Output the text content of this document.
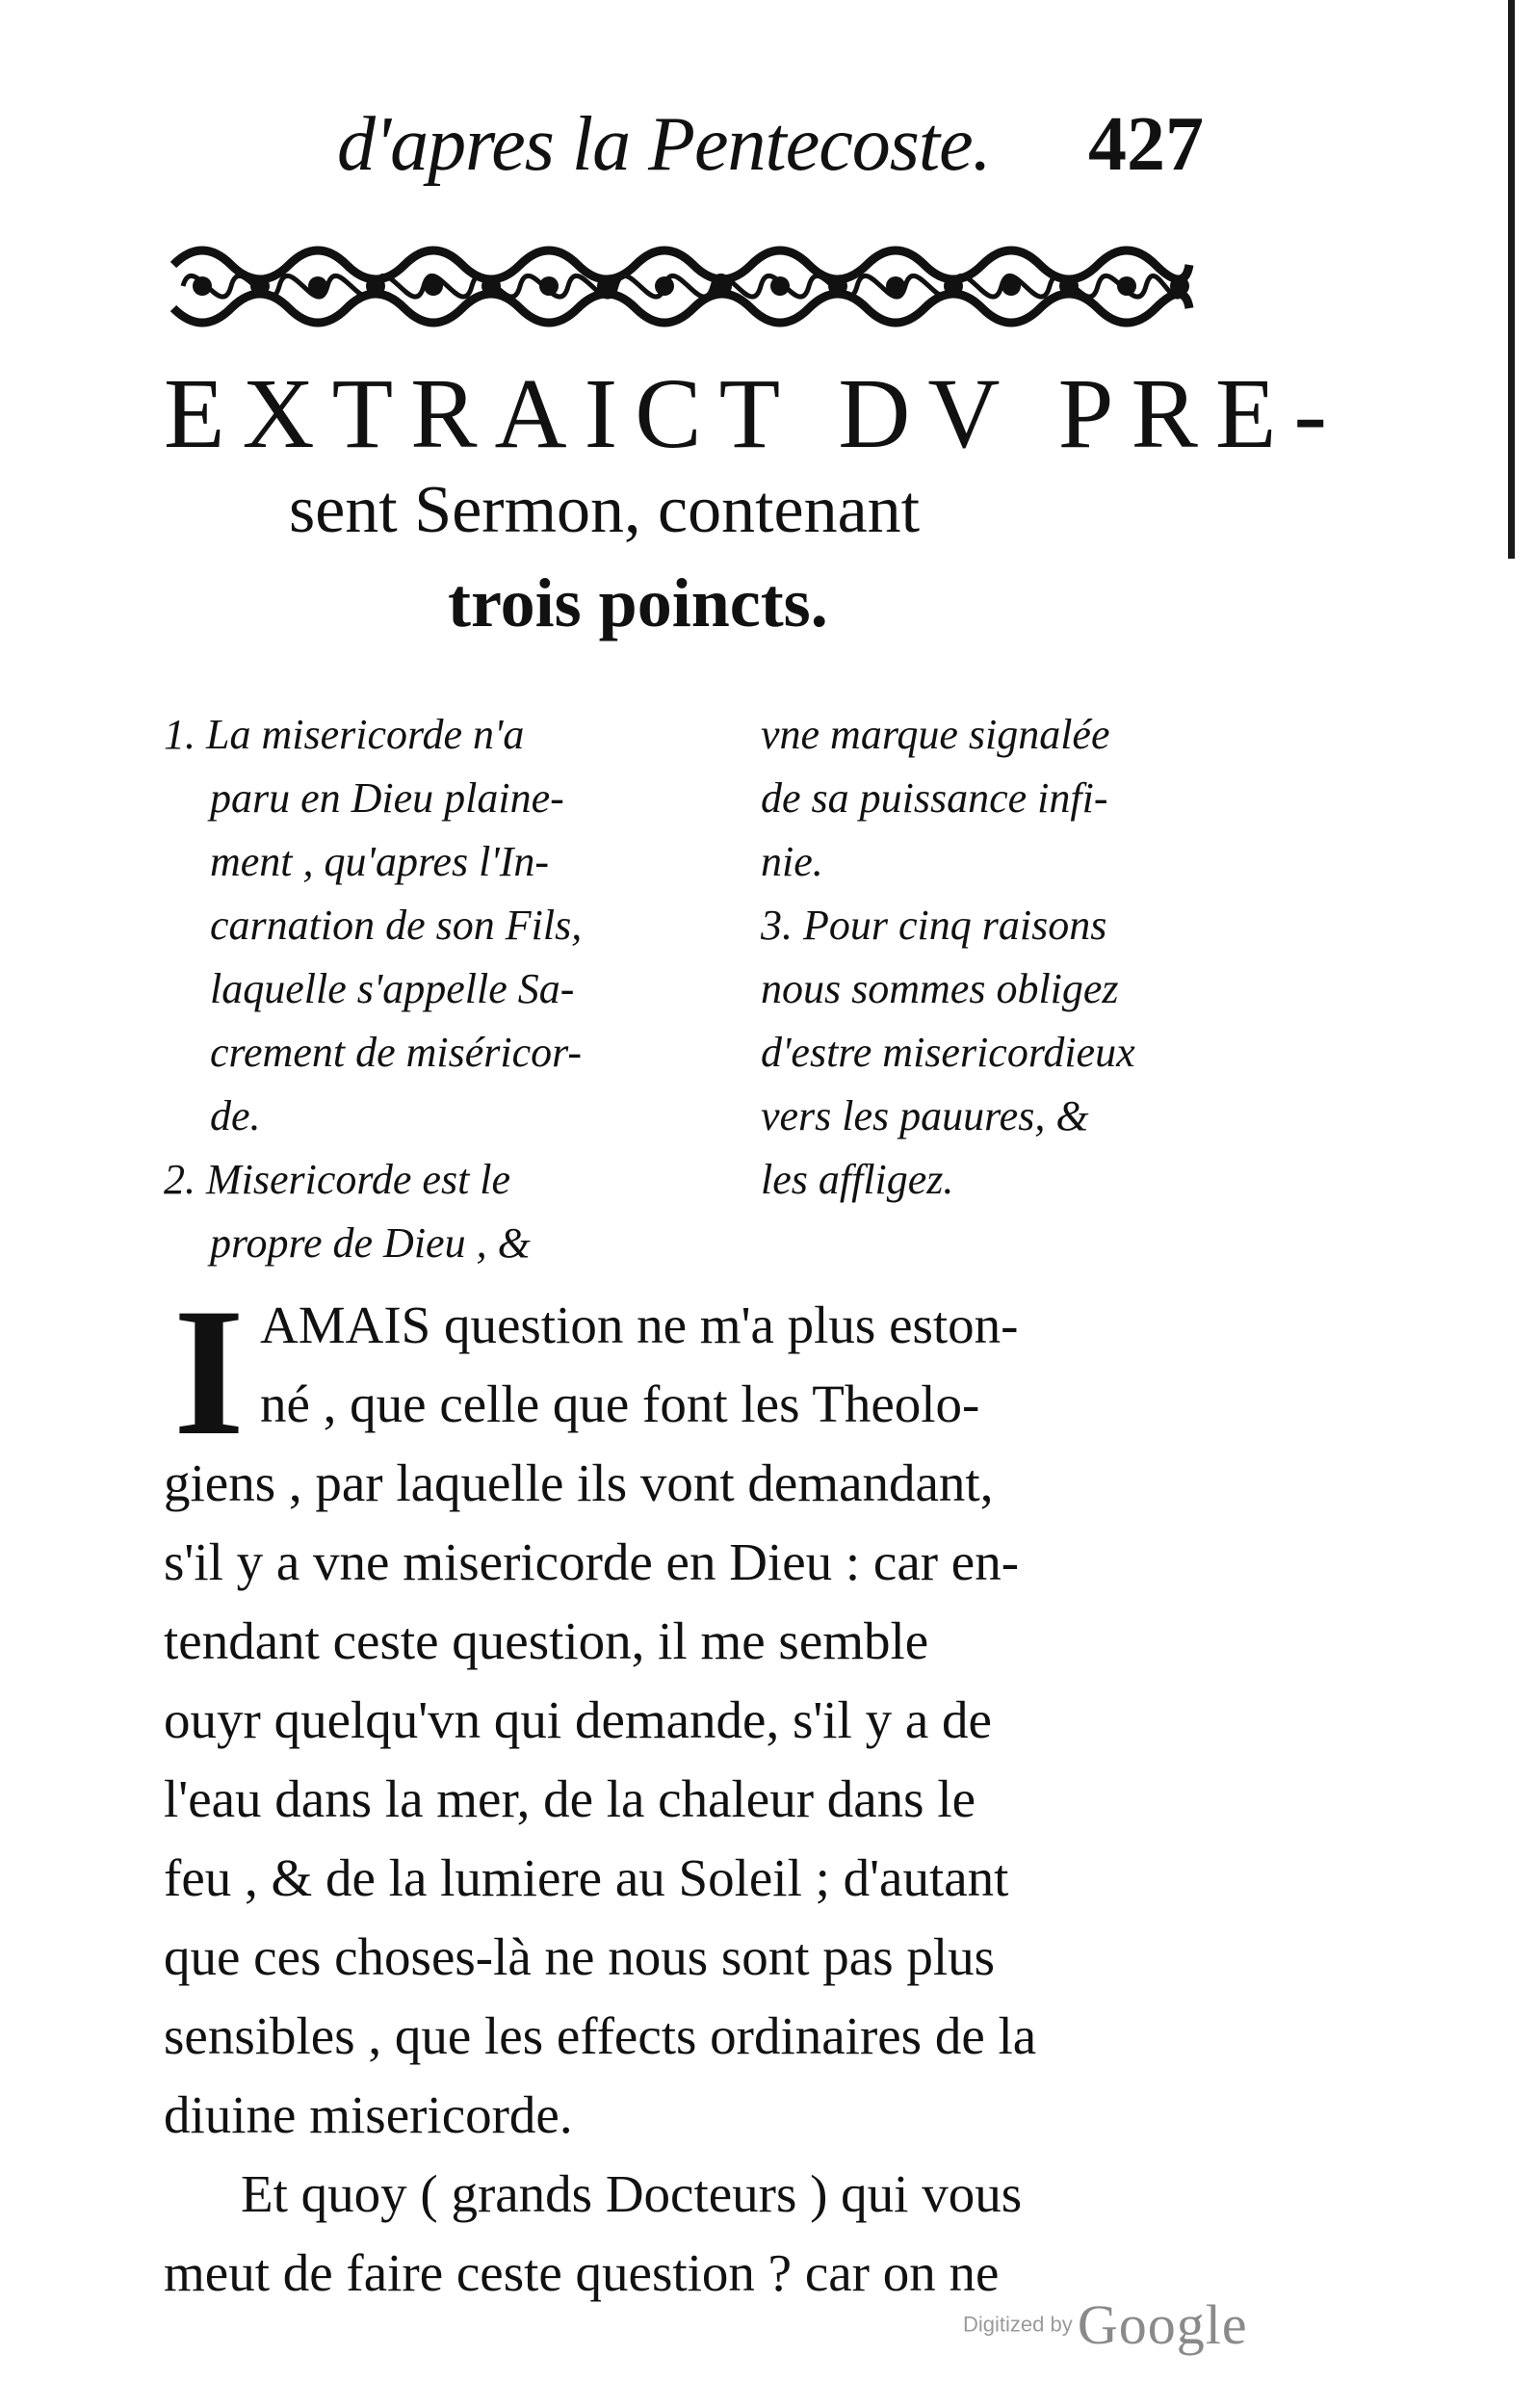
d'apres la Pentecoste. 427
EXTRAICT DV PRE-
sent Sermon, contenant
trois poincts.
1. La misericorde n'a
paru en Dieu plaine-
ment , qu'apres l'In-
carnation de son Fils,
laquelle s'appelle Sa-
crement de miséricor-
de.
2. Misericorde est le
propre de Dieu , &
vne marque signalée
de sa puissance infi-
nie.
3. Pour cinq raisons
nous sommes obligez
d'estre misericordieux
vers les pauures, &
les affligez.
I AMAIS question ne m'a plus eston-
né , que celle que font les Theolo-
giens , par laquelle ils vont demandant,
s'il y a vne misericorde en Dieu : car en-
tendant ceste question, il me semble
ouyr quelqu'vn qui demande, s'il y a de
l'eau dans la mer, de la chaleur dans le
feu , & de la lumiere au Soleil ; d'autant
que ces choses-là ne nous sont pas plus
sensibles , que les effects ordinaires de la
diuine misericorde.
Et quoy ( grands Docteurs ) qui vous
meut de faire ceste question ? car on ne
Digitized by Google
